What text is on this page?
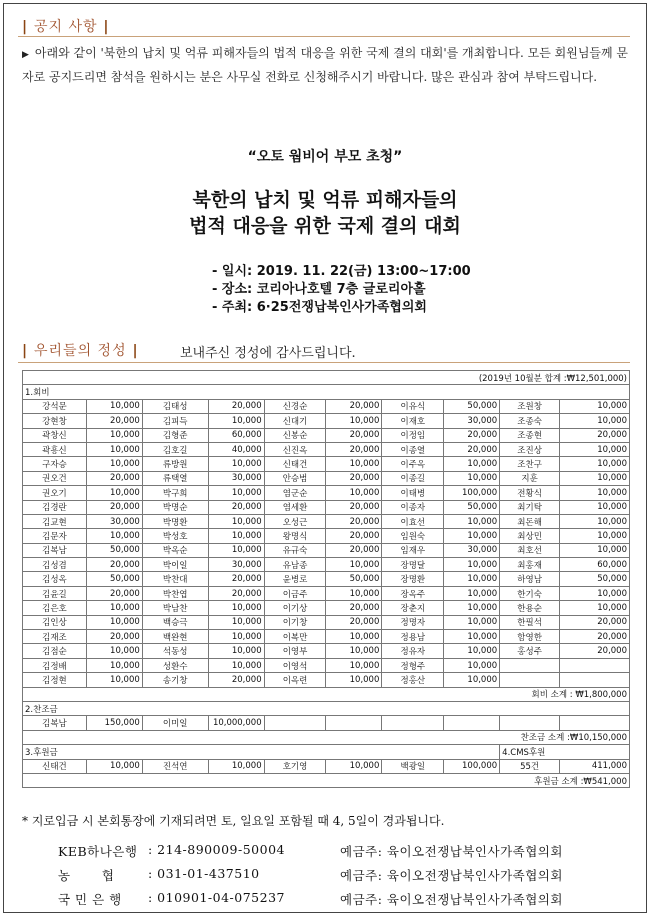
| 공지 사항 |
▶ 아래와 같이 '북한의 납치 및 억류 피해자들의 법적 대응을 위한 국제 결의 대회'를 개최합니다. 모든 회원님들께 문자로 공지드리면 참석을 원하시는 분은 사무실 전화로 신청해주시기 바랍니다. 많은 관심과 참여 부탁드립니다.
“오토 웜비어 부모 초청”
북한의 납치 및 억류 피해자들의
법적 대응을 위한 국제 결의 대회
- 일시: 2019. 11. 22(금) 13:00~17:00
- 장소: 코리아나호텔 7층 글로리아홀
- 주최: 6·25전쟁납북인사가족협의회
| 우리들의 정성 |	보내주신 정성에 감사드립니다.
(2019년 10월분 합계 :₩12,501,000)									
1.회비									
강석문	10,000	김태성	20,000	신경순	20,000	이유식	50,000	조원창	10,000
강현창	20,000	김피득	10,000	신대기	10,000	이재호	30,000	조종숙	10,000
곽창신	10,000	김형준	60,000	신봉순	20,000	이정임	20,000	조종현	20,000
곽흥신	10,000	김호길	40,000	신진옥	20,000	이종열	20,000	조진상	10,000
구자승	10,000	류방원	10,000	신태건	10,000	이주옥	10,000	조찬구	10,000
권오건	20,000	류택열	30,000	안승범	20,000	이종길	10,000	지훈	10,000
권오기	10,000	박구희	10,000	염군순	10,000	이태병	100,000	전황식	10,000
김경란	20,000	박명순	20,000	염세환	20,000	이종자	50,000	최기탁	10,000
김교현	30,000	박명환	10,000	오성근	20,000	이효선	10,000	최돈해	10,000
김문자	10,000	박성호	10,000	왕명식	20,000	임원숙	10,000	최상민	10,000
김복남	50,000	박옥순	10,000	유규숙	20,000	임재우	30,000	최호선	10,000
김성겸	20,000	박이일	30,000	유남종	10,000	장명달	10,000	최홍재	60,000
김성옥	50,000	박찬대	20,000	윤병로	50,000	장명환	10,000	하영남	50,000
김윤길	20,000	박찬엽	20,000	이금주	10,000	장옥주	10,000	한기숙	10,000
김은호	10,000	박남찬	10,000	이기상	20,000	장춘지	10,000	한용순	10,000
김인상	10,000	백승극	10,000	이기창	20,000	정명자	10,000	한필석	20,000
김재조	20,000	백완현	10,000	이복만	10,000	정용남	10,000	함영한	20,000
김점순	10,000	석동성	10,000	이영부	10,000	정유자	10,000	홍성주	20,000
김정배	10,000	성환수	10,000	이영석	10,000	정형주	10,000		
김정현	10,000	송기창	20,000	이옥련	10,000	정홍산	10,000		
회비 소계 : ₩1,800,000									
2.찬조금									
김복남	150,000	이미일	10,000,000						
찬조금 소계 :₩10,150,000									
3.후원금								4.CMS후원	
신태건	10,000	진석연	10,000	호기영	10,000	백광일	100,000	55건	411,000
후원금 소계 :₩541,000									
* 지로입금 시 본회통장에 기재되려면 토, 일요일 포함될 때 4, 5일이 경과됩니다.
KEB하나은행 : 214-890009-50004	예금주: 육이오전쟁납북인사가족협의회
농       협	: 031-01-437510	예금주: 육이오전쟁납북인사가족협의회
국 민 은 행 : 010901-04-075237	예금주: 육이오전쟁납북인사가족협의회
